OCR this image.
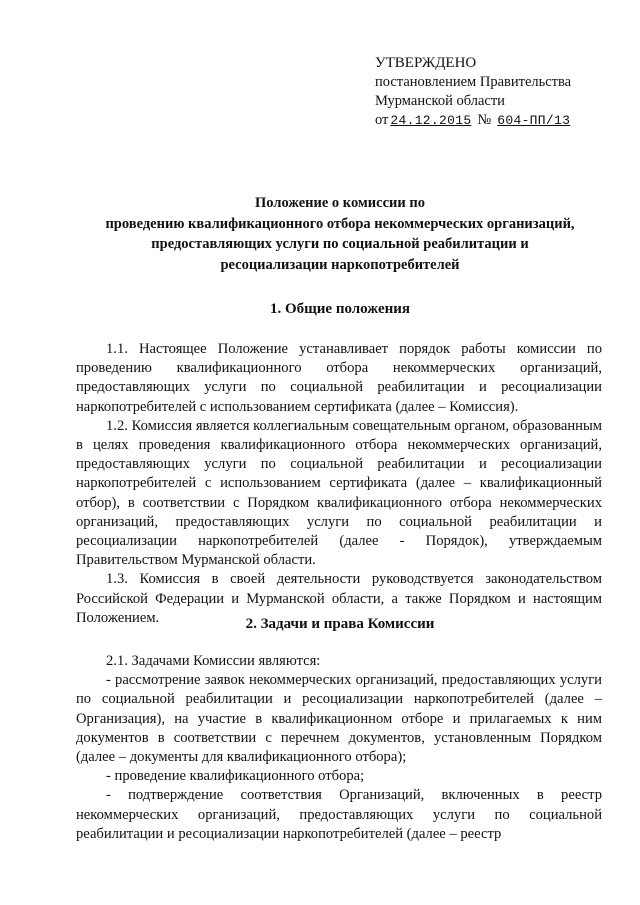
УТВЕРЖДЕНО
постановлением Правительства
Мурманской области
от 24.12.2015 № 604-ПП/13
Положение о комиссии по
проведению квалификационного отбора некоммерческих организаций,
предоставляющих услуги по социальной реабилитации и
ресоциализации наркопотребителей
1. Общие положения

1.1. Настоящее Положение устанавливает порядок работы комиссии по проведению квалификационного отбора некоммерческих организаций, предоставляющих услуги по социальной реабилитации и ресоциализации наркопотребителей с использованием сертификата (далее – Комиссия).

1.2. Комиссия является коллегиальным совещательным органом, образованным в целях проведения квалификационного отбора некоммерческих организаций, предоставляющих услуги по социальной реабилитации и ресоциализации наркопотребителей с использованием сертификата (далее – квалификационный отбор), в соответствии с Порядком квалификационного отбора некоммерческих организаций, предоставляющих услуги по социальной реабилитации и ресоциализации наркопотребителей (далее - Порядок), утверждаемым Правительством Мурманской области.

1.3. Комиссия в своей деятельности руководствуется законодательством Российской Федерации и Мурманской области, а также Порядком и настоящим Положением.	2. Задачи и права Комиссии

2.1. Задачами Комиссии являются:

- рассмотрение заявок некоммерческих организаций, предоставляющих услуги по социальной реабилитации и ресоциализации наркопотребителей (далее – Организация), на участие в квалификационном отборе и прилагаемых к ним документов в соответствии с перечнем документов, установленным Порядком (далее – документы для квалификационного отбора);

- проведение квалификационного отбора;

- подтверждение соответствия Организаций, включенных в реестр некоммерческих организаций, предоставляющих услуги по социальной реабилитации и ресоциализации наркопотребителей (далее – реестр
